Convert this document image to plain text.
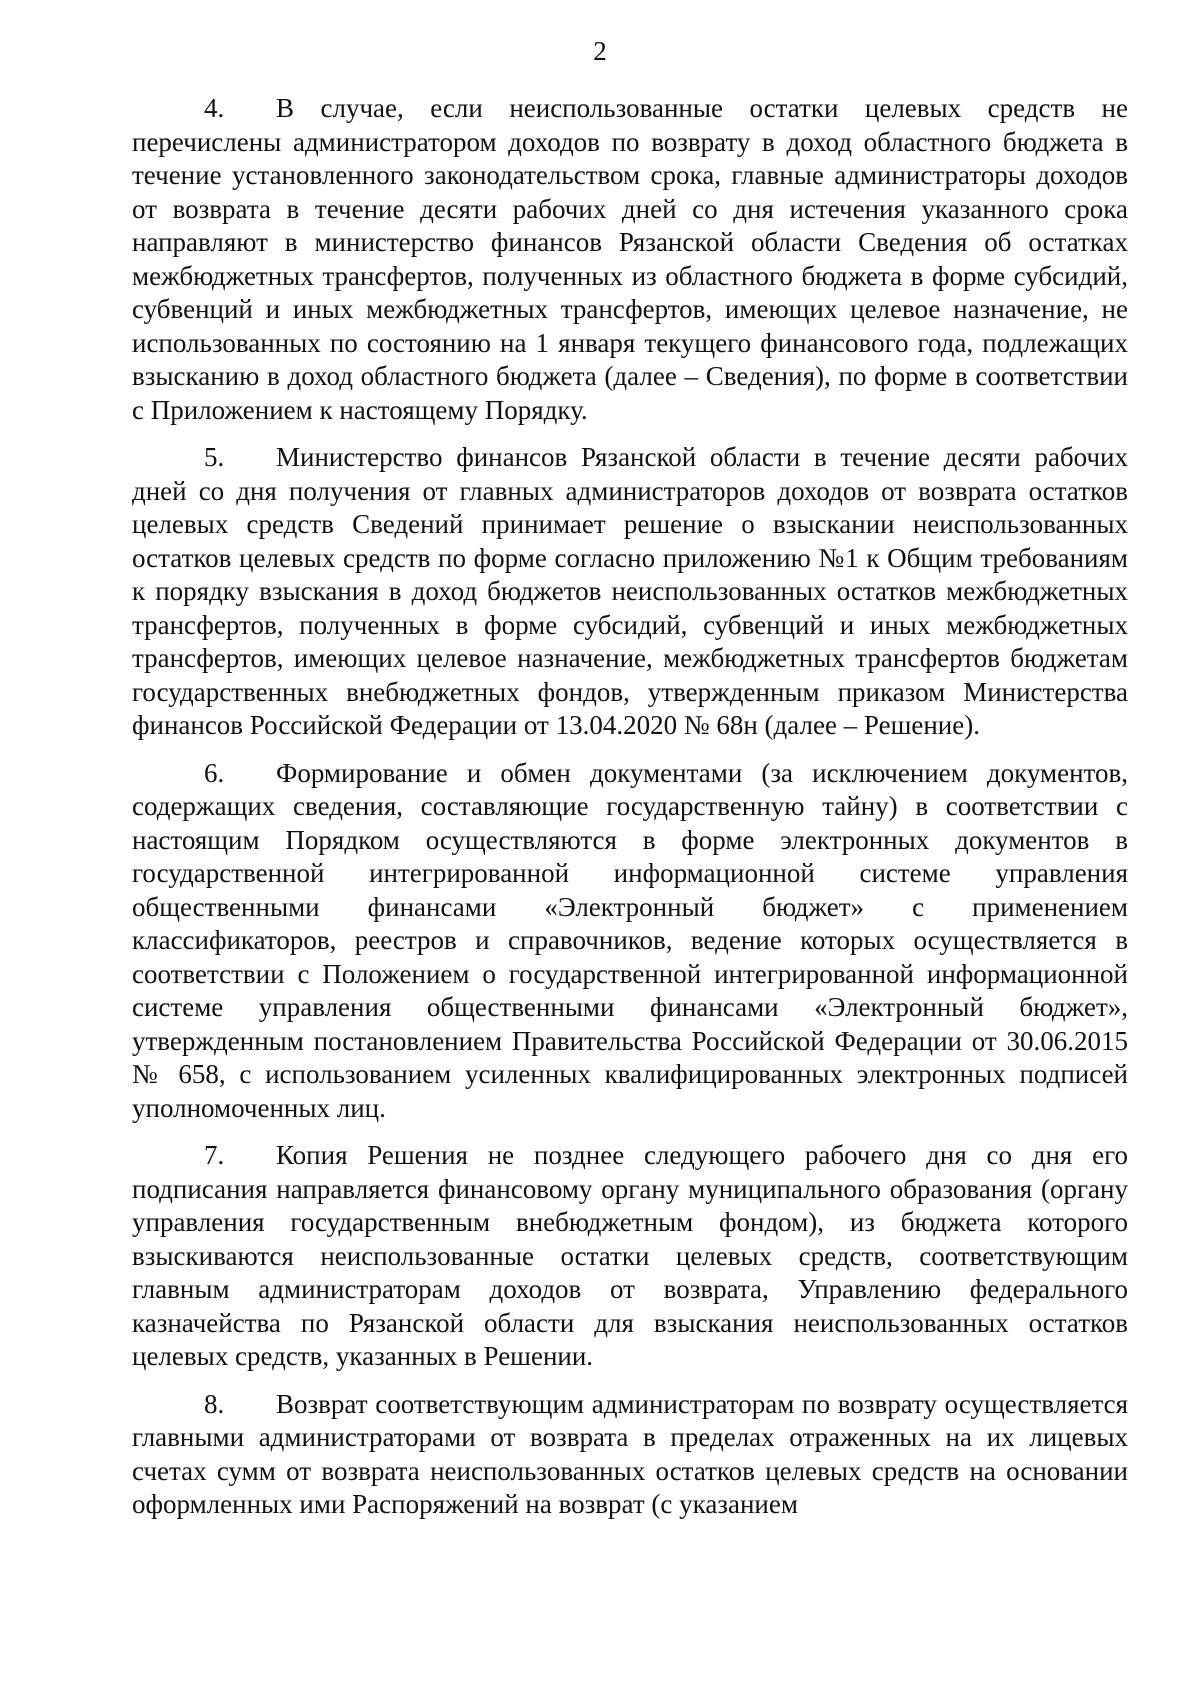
2

4. В случае, если неиспользованные остатки целевых средств не перечислены администратором доходов по возврату в доход областного бюджета в течение установленного законодательством срока, главные администраторы доходов от возврата в течение десяти рабочих дней со дня истечения указанного срока направляют в министерство финансов Рязанской области Сведения об остатках межбюджетных трансфертов, полученных из областного бюджета в форме субсидий, субвенций и иных межбюджетных трансфертов, имеющих целевое назначение, не использованных по состоянию на 1 января текущего финансового года, подлежащих взысканию в доход областного бюджета (далее – Сведения), по форме в соответствии с Приложением к настоящему Порядку.

5. Министерство финансов Рязанской области в течение десяти рабочих дней со дня получения от главных администраторов доходов от возврата остатков целевых средств Сведений принимает решение о взыскании неиспользованных остатков целевых средств по форме согласно приложению №1 к Общим требованиям к порядку взыскания в доход бюджетов неиспользованных остатков межбюджетных трансфертов, полученных в форме субсидий, субвенций и иных межбюджетных трансфертов, имеющих целевое назначение, межбюджетных трансфертов бюджетам государственных внебюджетных фондов, утвержденным приказом Министерства финансов Российской Федерации от 13.04.2020 № 68н (далее – Решение).

6. Формирование и обмен документами (за исключением документов, содержащих сведения, составляющие государственную тайну) в соответствии с настоящим Порядком осуществляются в форме электронных документов в государственной интегрированной информационной системе управления общественными финансами «Электронный бюджет» с применением классификаторов, реестров и справочников, ведение которых осуществляется в соответствии с Положением о государственной интегрированной информационной системе управления общественными финансами «Электронный бюджет», утвержденным постановлением Правительства Российской Федерации от 30.06.2015 № 658, с использованием усиленных квалифицированных электронных подписей уполномоченных лиц.

7. Копия Решения не позднее следующего рабочего дня со дня его подписания направляется финансовому органу муниципального образования (органу управления государственным внебюджетным фондом), из бюджета которого взыскиваются неиспользованные остатки целевых средств, соответствующим главным администраторам доходов от возврата, Управлению федерального казначейства по Рязанской области для взыскания неиспользованных остатков целевых средств, указанных в Решении.

8. Возврат соответствующим администраторам по возврату осуществляется главными администраторами от возврата в пределах отраженных на их лицевых счетах сумм от возврата неиспользованных остатков целевых средств на основании оформленных ими Распоряжений на возврат (с указанием
